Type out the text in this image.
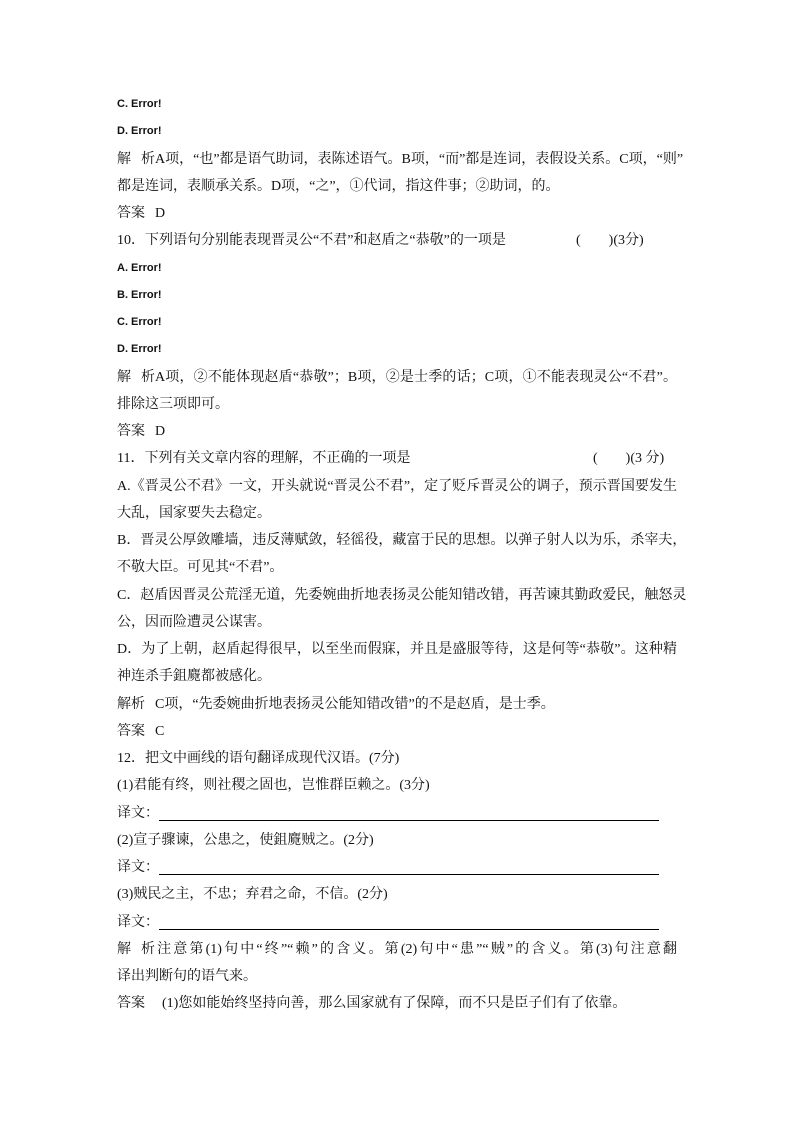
C. Error!
D. Error!
解析A项，“也”都是语气助词，表陈述语气。B项，“而”都是连词，表假设关系。C项，“则”
都是连词，表顺承关系。D项，“之”，①代词，指这件事；②助词，的。
答案 D
10．下列语句分别能表现晋灵公“不君”和赵盾之“恭敬”的一项是	(　　)(3分)
A. Error!
B. Error!
C. Error!
D. Error!
解析A项，②不能体现赵盾“恭敬”；B项，②是士季的话；C项，①不能表现灵公“不君”。
排除这三项即可。
答案 D
11．下列有关文章内容的理解，不正确的一项是	(　　)(3 分)
A.《晋灵公不君》一文，开头就说“晋灵公不君”，定了贬斥晋灵公的调子，预示晋国要发生
大乱，国家要失去稳定。
B．晋灵公厚敛雕墙，违反薄赋敛，轻徭役，藏富于民的思想。以弹子射人以为乐，杀宰夫，
不敬大臣。可见其“不君”。
C．赵盾因晋灵公荒淫无道，先委婉曲折地表扬灵公能知错改错，再苦谏其勤政爱民，触怒灵
公，因而险遭灵公谋害。
D．为了上朝，赵盾起得很早，以至坐而假寐，并且是盛服等待，这是何等“恭敬”。这种精
神连杀手鉏麑都被感化。
解析 C项，“先委婉曲折地表扬灵公能知错改错”的不是赵盾，是士季。
答案 C
12．把文中画线的语句翻译成现代汉语。(7分)
(1)君能有终，则社稷之固也，岂惟群臣赖之。(3分)
译文：
(2)宣子骤谏，公患之，使鉏麑贼之。(2分)
译文：
(3)贼民之主，不忠；弃君之命，不信。(2分)
译文：
解析注意第(1)句中“终”“赖”的含义。第(2)句中“患”“贼”的含义。第(3)句注意翻
译出判断句的语气来。
答案 (1)您如能始终坚持向善，那么国家就有了保障，而不只是臣子们有了依靠。
